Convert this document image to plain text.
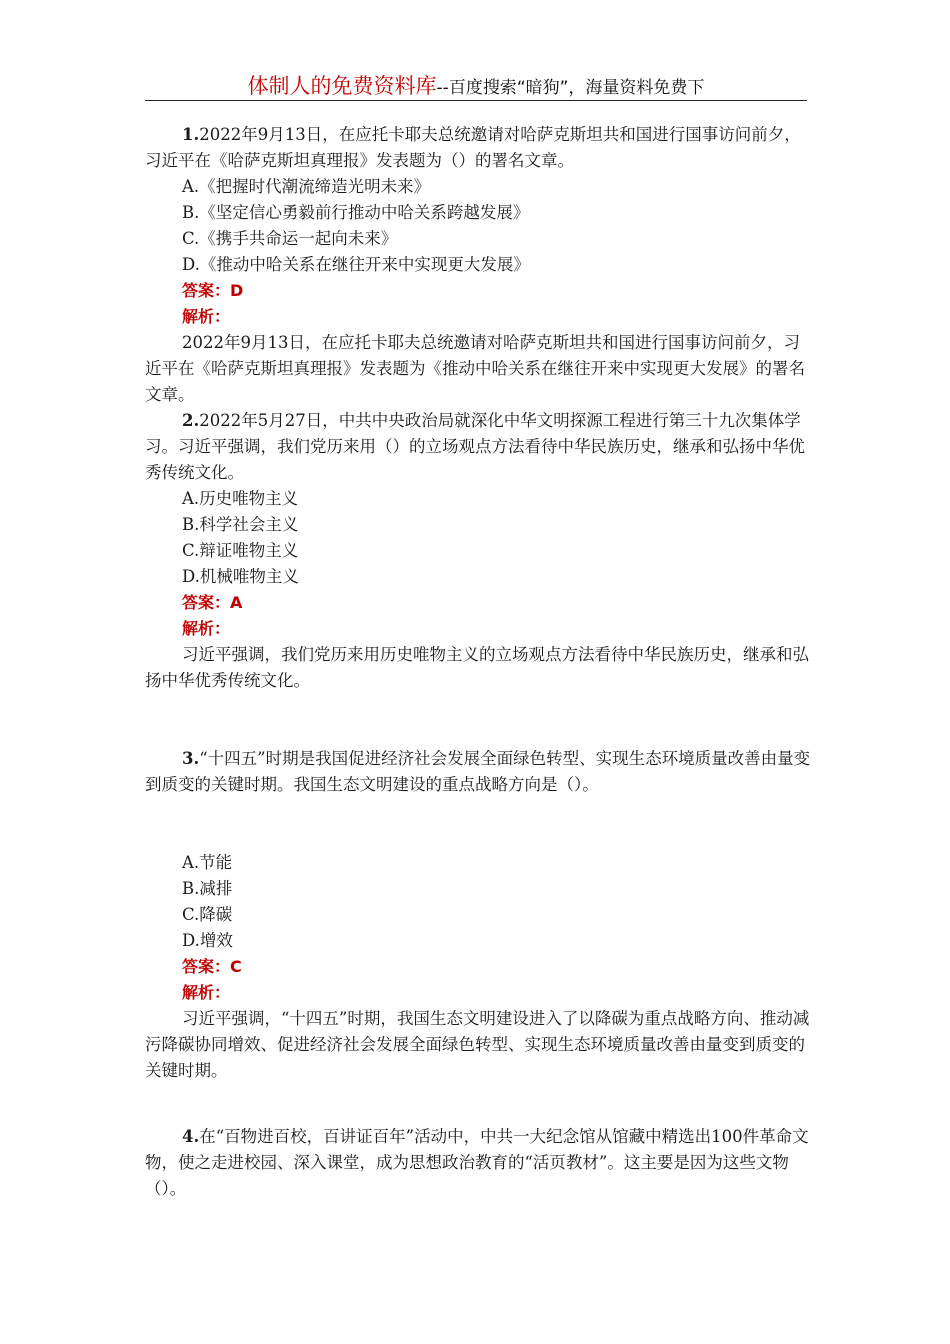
体制人的免费资料库--百度搜索“暗狗”，海量资料免费下

1.2022年9月13日，在应托卡耶夫总统邀请对哈萨克斯坦共和国进行国事访问前夕，习近平在《哈萨克斯坦真理报》发表题为（）的署名文章。

A.《把握时代潮流缔造光明未来》

B.《坚定信心勇毅前行推动中哈关系跨越发展》

C.《携手共命运一起向未来》

D.《推动中哈关系在继往开来中实现更大发展》

答案：D

解析：

2022年9月13日，在应托卡耶夫总统邀请对哈萨克斯坦共和国进行国事访问前夕，习近平在《哈萨克斯坦真理报》发表题为《推动中哈关系在继往开来中实现更大发展》的署名文章。

2.2022年5月27日，中共中央政治局就深化中华文明探源工程进行第三十九次集体学习。习近平强调，我们党历来用（）的立场观点方法看待中华民族历史，继承和弘扬中华优秀传统文化。

A.历史唯物主义

B.科学社会主义

C.辩证唯物主义

D.机械唯物主义

答案：A

解析：

习近平强调，我们党历来用历史唯物主义的立场观点方法看待中华民族历史，继承和弘扬中华优秀传统文化。

3.“十四五”时期是我国促进经济社会发展全面绿色转型、实现生态环境质量改善由量变到质变的关键时期。我国生态文明建设的重点战略方向是（）。

A.节能

B.减排

C.降碳

D.增效

答案：C

解析：

习近平强调，“十四五”时期，我国生态文明建设进入了以降碳为重点战略方向、推动减污降碳协同增效、促进经济社会发展全面绿色转型、实现生态环境质量改善由量变到质变的关键时期。

4.在“百物进百校，百讲证百年”活动中，中共一大纪念馆从馆藏中精选出100件革命文物，使之走进校园、深入课堂，成为思想政治教育的“活页教材”。这主要是因为这些文物（）。
